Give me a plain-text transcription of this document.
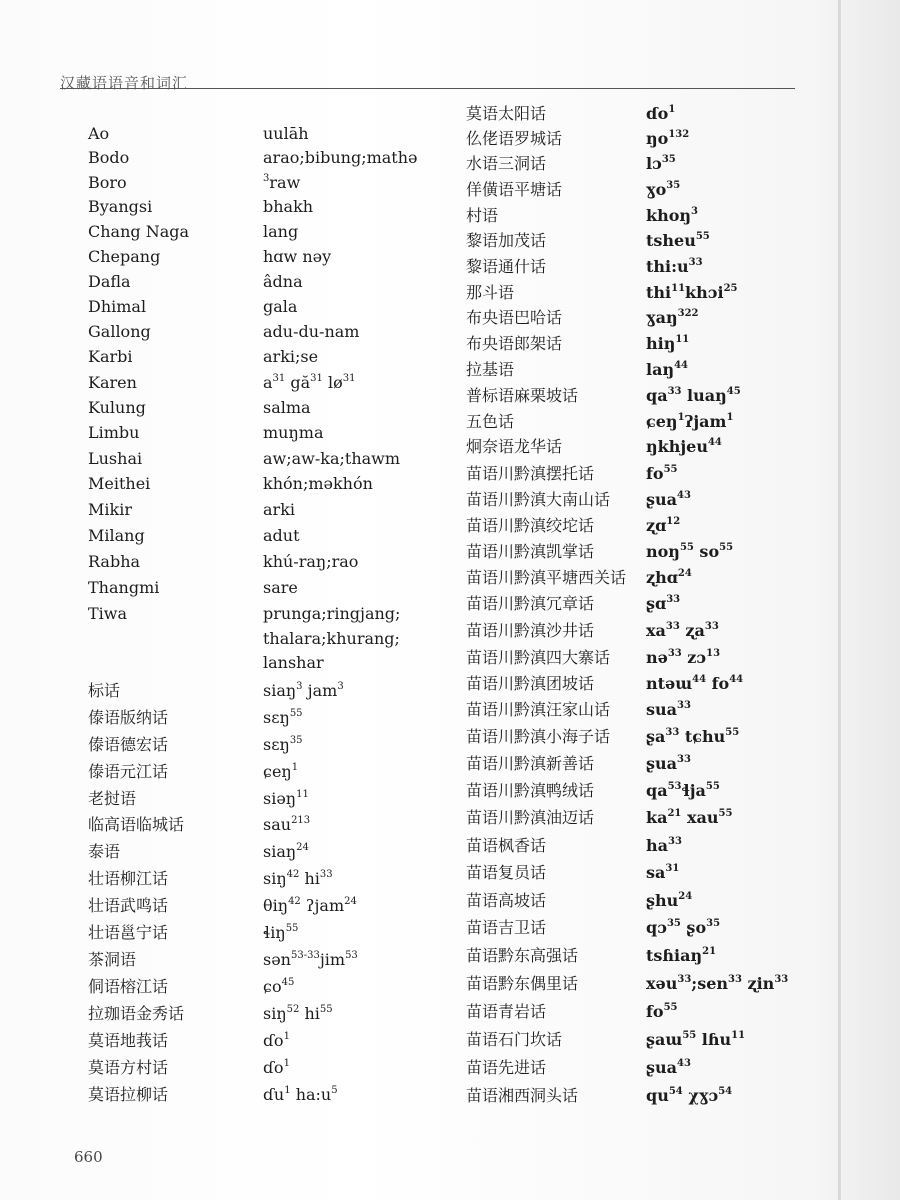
汉藏语语音和词汇
Ao	uulāh
Bodo	arao;bibung;mathə
Boro	$^3$raw
Byangsi	bhakh
Chang Naga	lang
Chepang	hɑw nəy
Dafla	âdna
Dhimal	gala
Gallong	adu-du-nam
Karbi	arki;se
Karen	$a^{31}$ $gă^{31}$ $lø^{31}$
Kulung	salma
Limbu	muŋma
Lushai	aw;aw-ka;thawm
Meithei	khón;məkhón
Mikir	arki
Milang	adut
Rabha	khú-raŋ;rao
Thangmi	sare
Tiwa	prunga;ringjang;
thalara;khurang;
lanshar
标话	siaŋ$^3$ jam$^3$
傣语版纳话	sɛŋ$^{55}$
傣语德宏话	sɛŋ$^{35}$
傣语元江话	ɕeŋ$^1$
老挝语	siəŋ$^{11}$
临高语临城话	sau$^{213}$
泰语	siaŋ$^{24}$
壮语柳江话	siŋ$^{42}$ $hi^{33}$
壮语武鸣话	θiŋ$^{42}$ ʔjam$^{24}$
壮语邕宁话	ɬiŋ$^{55}$
茶洞语	sən$^{53-33}$jim$^{53}$
侗语榕江话	ɕo$^{45}$
拉珈语金秀话	siŋ$^{52}$ $hi^{55}$
莫语地莪话	ɗo$^1$
莫语方村话	ɗo$^1$
莫语拉柳话	ɗu$^1$ $ha:u^5$
莫语太阳话	ɗo$^1$
仫佬语罗城话	$ŋo^{132}$
水语三洞话	lɔ$^{35}$
佯僙语平塘话	ɣo$^{35}$
村语	khoŋ$^3$
黎语加茂话	tsheu$^{55}$
黎语通什话	$thi:u^{33}$
那斗语	thi$^{11}$khɔi$^{25}$
布央语巴哈话	ɣaŋ$^{322}$
布央语郎架话	hiŋ$^{11}$
拉基语	laŋ$^{44}$
普标语麻栗坡话	$qa^{33}$ luaŋ$^{45}$
五色话	ɕeŋ$^1$ʔjam$^1$
炯奈语龙华话	ŋkhjeu$^{44}$
苗语川黔滇摆托话	$fo^{55}$
苗语川黔滇大南山话 ʂua$^{43}$
苗语川黔滇绞坨话	ʐɑ$^{12}$
苗语川黔滇凯掌话	noŋ$^{55}$ $so^{55}$
苗语川黔滇平塘西关话 ʐhɑ$^{24}$
苗语川黔滇冗章话	ʂɑ$^{33}$
苗语川黔滇沙井话	$xa^{33}$ ʐa$^{33}$
苗语川黔滇四大寨话 nə$^{33}$ zɔ$^{13}$
苗语川黔滇团坡话	ntəɯ$^{44}$ $fo^{44}$
苗语川黔滇汪家山话 sua$^{33}$
苗语川黔滇小海子话 ʂa$^{33}$ tɕhu$^{55}$
苗语川黔滇新善话	ʂua$^{33}$
苗语川黔滇鸭绒话	$qa^{53}ɬja^{55}$
苗语川黔滇油迈话	$ka^{21}$ xau$^{55}$
苗语枫香话	$ha^{33}$
苗语复员话	$sa^{31}$
苗语高坡话	ʂhu$^{24}$
苗语吉卫话	qɔ$^{35}$ ʂo$^{35}$
苗语黔东高强话	tsɦiaŋ$^{21}$
苗语黔东偶里话	xəu$^{33}$;sen$^{33}$ ʐin$^{33}$
苗语青岩话	$fo^{55}$
苗语石门坎话	ʂaɯ$^{55}$ lɦu$^{11}$
苗语先进话	ʂua$^{43}$
苗语湘西洞头话	$qu^{54}$ χɣɔ$^{54}$
660
